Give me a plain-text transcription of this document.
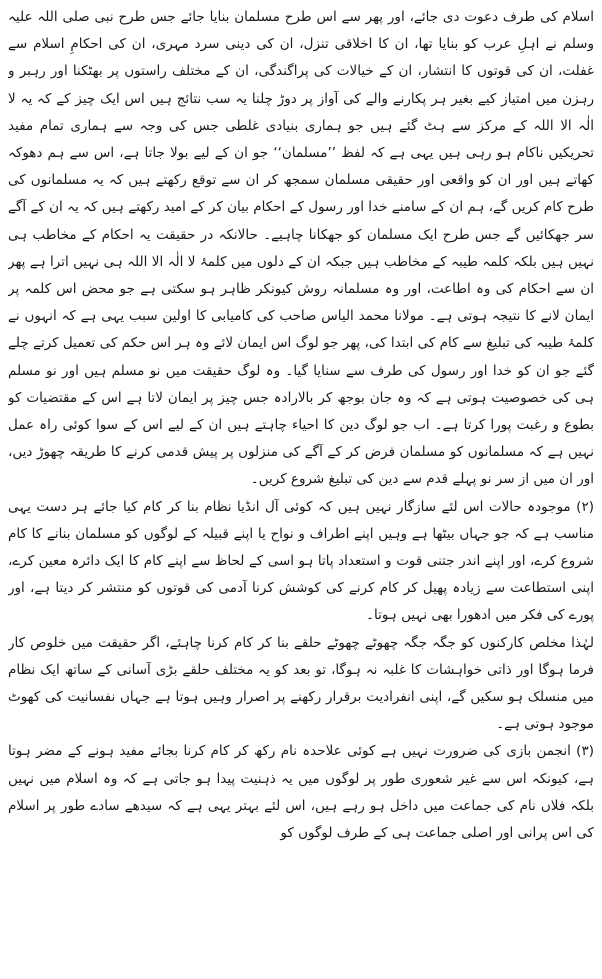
اسلام کی طرف دعوت دی جائے، اور پھر سے اس طرح مسلمان بنایا جائے جس طرح نبی صلی اللہ علیہ وسلم نے اہلِ عرب کو بنایا تھا، ان کا اخلاقی تنزل، ان کی دینی سرد مہری، ان کی احکامِ اسلام سے غفلت، ان کی قوتوں کا انتشار، ان کے خیالات کی پراگندگی، ان کے مختلف راستوں پر بھٹکنا اور رہبر و رہزن میں امتیاز کیے بغیر ہر پکارنے والے کی آواز پر دوڑ چلنا یہ سب نتائج ہیں اس ایک چیز کے کہ یہ لا الٰہ الا اللہ کے مرکز سے ہٹ گئے ہیں جو ہماری بنیادی غلطی جس کی وجہ سے ہماری تمام مفید تحریکیں ناکام ہو رہی ہیں یہی ہے کہ لفظ ’’مسلمان‘‘ جو ان کے لیے بولا جاتا ہے، اس سے ہم دھوکہ کھاتے ہیں اور ان کو واقعی اور حقیقی مسلمان سمجھ کر ان سے توقع رکھتے ہیں کہ یہ مسلمانوں کی طرح کام کریں گے، ہم ان کے سامنے خدا اور رسول کے احکام بیان کر کے امید رکھتے ہیں کہ یہ ان کے آگے سر جھکائیں گے جس طرح ایک مسلمان کو جھکانا چاہیے۔ حالانکہ در حقیقت یہ احکام کے مخاطب ہی نہیں ہیں بلکہ کلمہ طیبہ کے مخاطب ہیں جبکہ ان کے دلوں میں کلمۂ لا الٰہ الا اللہ ہی نہیں اترا ہے پھر ان سے احکام کی وہ اطاعت، اور وہ مسلمانہ روش کیونکر ظاہر ہو سکتی ہے جو محض اس کلمہ پر ایمان لانے کا نتیجہ ہوتی ہے۔ مولانا محمد الیاس صاحب کی کامیابی کا اولین سبب یہی ہے کہ انہوں نے کلمۂ طیبہ کی تبلیغ سے کام کی ابتدا کی، پھر جو لوگ اس ایمان لائے وہ ہر اس حکم کی تعمیل کرتے چلے گئے جو ان کو خدا اور رسول کی طرف سے سنایا گیا۔ وہ لوگ حقیقت میں نو مسلم ہیں اور نو مسلم ہی کی خصوصیت ہوتی ہے کہ وہ جان بوجھ کر بالارادہ جس چیز پر ایمان لاتا ہے اس کے مقتضیات کو بطوع و رغبت پورا کرتا ہے۔ اب جو لوگ دین کا احیاء چاہتے ہیں ان کے لیے اس کے سوا کوئی راہ عمل نہیں ہے کہ مسلمانوں کو مسلمان فرض کر کے آگے کی منزلوں پر پیش قدمی کرنے کا طریقہ چھوڑ دیں، اور ان میں از سر نو پہلے قدم سے دین کی تبلیغ شروع کریں۔

(۲) موجودہ حالات اس لئے سازگار نہیں ہیں کہ کوئی آل انڈیا نظام بنا کر کام کیا جائے ہر دست یہی مناسب ہے کہ جو جہاں بیٹھا ہے وہیں اپنے اطراف و نواح یا اپنے قبیلہ کے لوگوں کو مسلمان بنانے کا کام شروع کرے، اور اپنے اندر جتنی قوت و استعداد پاتا ہو اسی کے لحاظ سے اپنے کام کا ایک دائرہ معین کرے، اپنی استطاعت سے زیادہ پھیل کر کام کرنے کی کوشش کرنا آدمی کی قوتوں کو منتشر کر دیتا ہے، اور پورے کی فکر میں ادھورا بھی نہیں ہوتا۔

لہٰذا مخلص کارکنوں کو جگہ جگہ چھوٹے چھوٹے حلقے بنا کر کام کرنا چاہئے، اگر حقیقت میں خلوص کار فرما ہوگا اور ذاتی خواہشات کا غلبہ نہ ہوگا، تو بعد کو یہ مختلف حلقے بڑی آسانی کے ساتھ ایک نظام میں منسلک ہو سکیں گے، اپنی انفرادیت برقرار رکھنے پر اصرار وہیں ہوتا ہے جہاں نفسانیت کی کھوٹ موجود ہوتی ہے۔

(۳) انجمن بازی کی ضرورت نہیں ہے کوئی علاحدہ نام رکھ کر کام کرنا بجائے مفید ہونے کے مضر ہوتا ہے، کیونکہ اس سے غیر شعوری طور پر لوگوں میں یہ ذہنیت پیدا ہو جاتی ہے کہ وہ اسلام میں نہیں بلکہ فلاں نام کی جماعت میں داخل ہو رہے ہیں، اس لئے بہتر یہی ہے کہ سیدھے سادے طور پر اسلام کی اس پرانی اور اصلی جماعت ہی کے طرف لوگوں کو
